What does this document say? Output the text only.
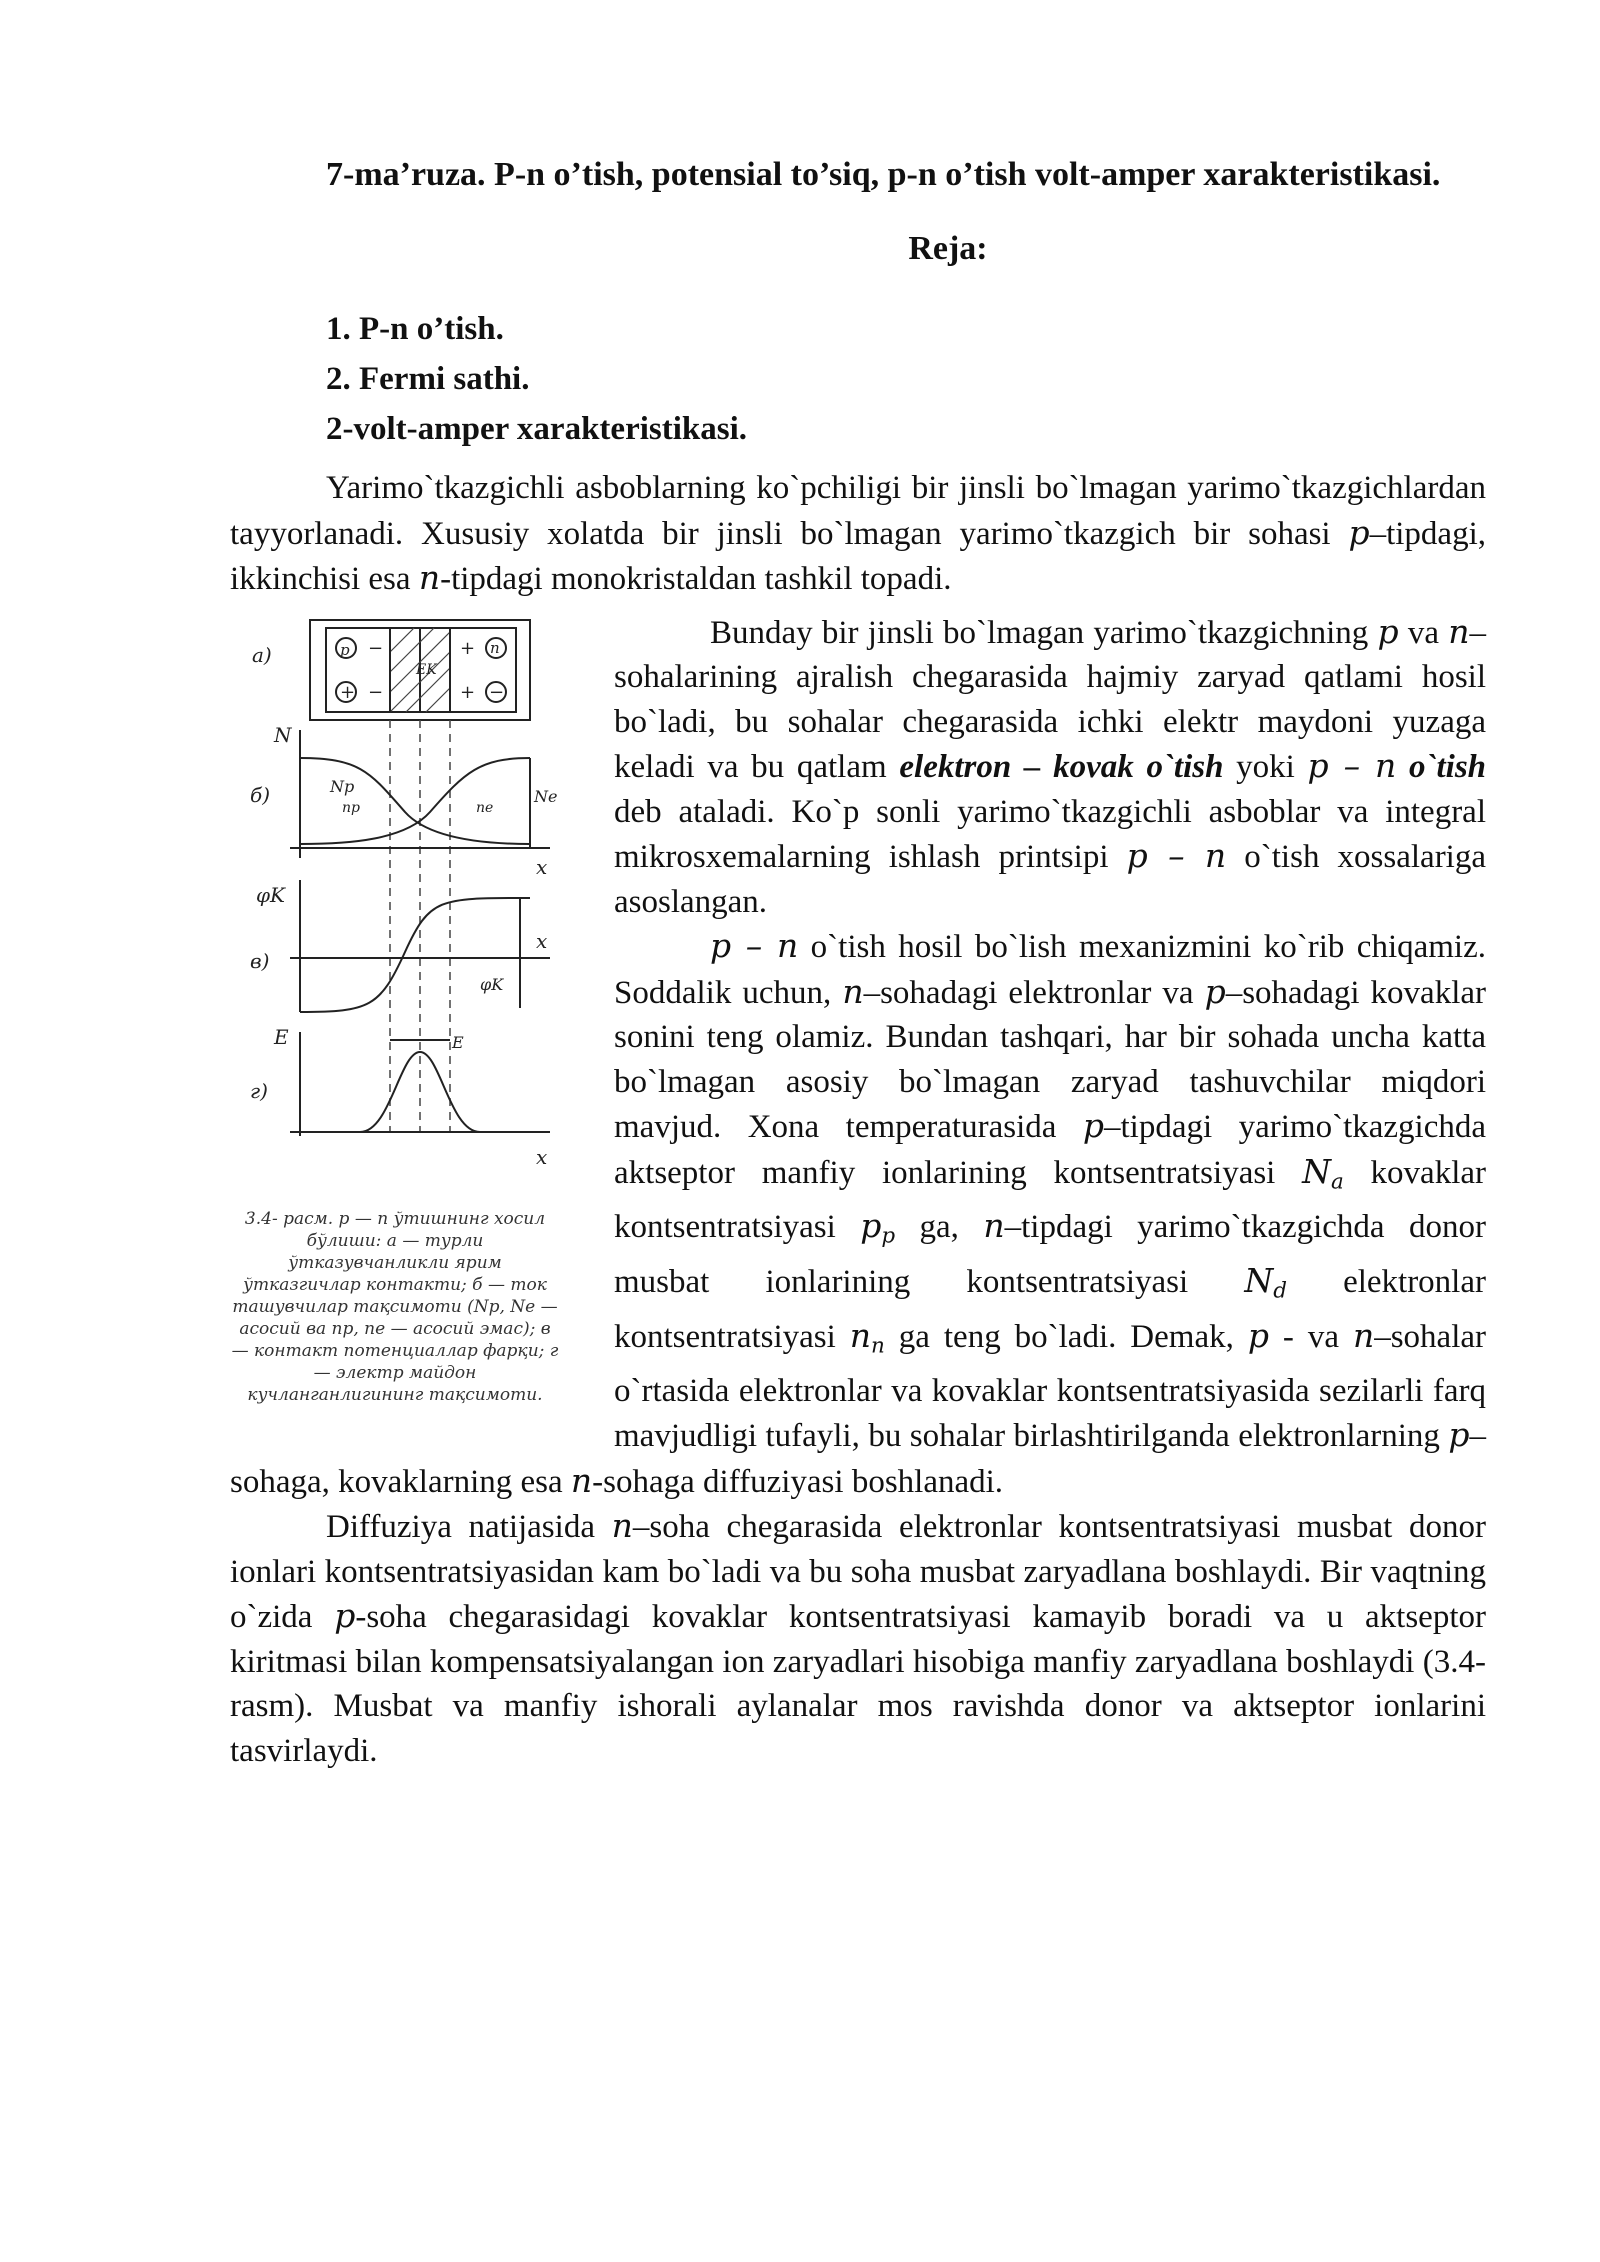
7-ma’ruza. P-n o’tish, potensial to’siq, p-n o’tish volt-amper xarakteristikasi.

Reja:
1. P-n o’tish.
2. Fermi sathi.
2-volt-amper xarakteristikasi.

Yarimo`tkazgichli asboblarning ko`pchiligi bir jinsli bo`lmagan yarimo`tkazgichlardan tayyorlanadi. Xususiy xolatda bir jinsli bo`lmagan yarimo`tkazgich bir sohasi p–tipdagi, ikkinchisi esa n-tipdagi monokristaldan tashkil topadi.

a)	p
+
n
−
−
−
+
+
EK
N
б)	Np
np	ne
Ne
x
φK
в)
φK
x
E
г)
E
x
3.4- расм. p — n ўтишнинг хосил бўлиши: а — турли ўтказувчанликли ярим ўтказгичлар контакти; б — ток ташувчилар тақсимоти (Np, Ne — асосий ва np, ne — асосий эмас); в — контакт потенциаллар фарқи; г — электр майдон кучланганлигининг тақсимоти.

Bunday bir jinsli bo`lmagan yarimo`tkazgichning p va n–sohalarining ajralish chegarasida hajmiy zaryad qatlami hosil bo`ladi, bu sohalar chegarasida ichki elektr maydoni yuzaga keladi va bu qatlam elektron – kovak o`tish yoki p – n o`tish deb ataladi. Ko`p sonli yarimo`tkazgichli asboblar va integral mikrosxemalarning ishlash printsipi p – n o`tish xossalariga asoslangan.

p – n o`tish hosil bo`lish mexanizmini ko`rib chiqamiz. Soddalik uchun, n–sohadagi elektronlar va p–sohadagi kovaklar sonini teng olamiz. Bundan tashqari, har bir sohada uncha katta bo`lmagan asosiy bo`lmagan zaryad tashuvchilar miqdori mavjud. Xona temperaturasida p–tipdagi yarimo`tkazgichda aktseptor manfiy ionlarining kontsentratsiyasi $N_a$ kovaklar kontsentratsiyasi $p_p$ ga, n–tipdagi yarimo`tkazgichda donor musbat ionlarining kontsentratsiyasi $N_d$ elektronlar kontsentratsiyasi $n_n$ ga teng bo`ladi. Demak, p - va n–sohalar o`rtasida elektronlar va kovaklar kontsentratsiyasida sezilarli farq mavjudligi tufayli, bu sohalar birlashtirilganda elektronlarning p–sohaga, kovaklarning esa n-sohaga diffuziyasi boshlanadi.

Diffuziya natijasida n–soha chegarasida elektronlar kontsentratsiyasi musbat donor ionlari kontsentratsiyasidan kam bo`ladi va bu soha musbat zaryadlana boshlaydi. Bir vaqtning o`zida p-soha chegarasidagi kovaklar kontsentratsiyasi kamayib boradi va u aktseptor kiritmasi bilan kompensatsiyalangan ion zaryadlari hisobiga manfiy zaryadlana boshlaydi (3.4-rasm). Musbat va manfiy ishorali aylanalar mos ravishda donor va aktseptor ionlarini tasvirlaydi.
